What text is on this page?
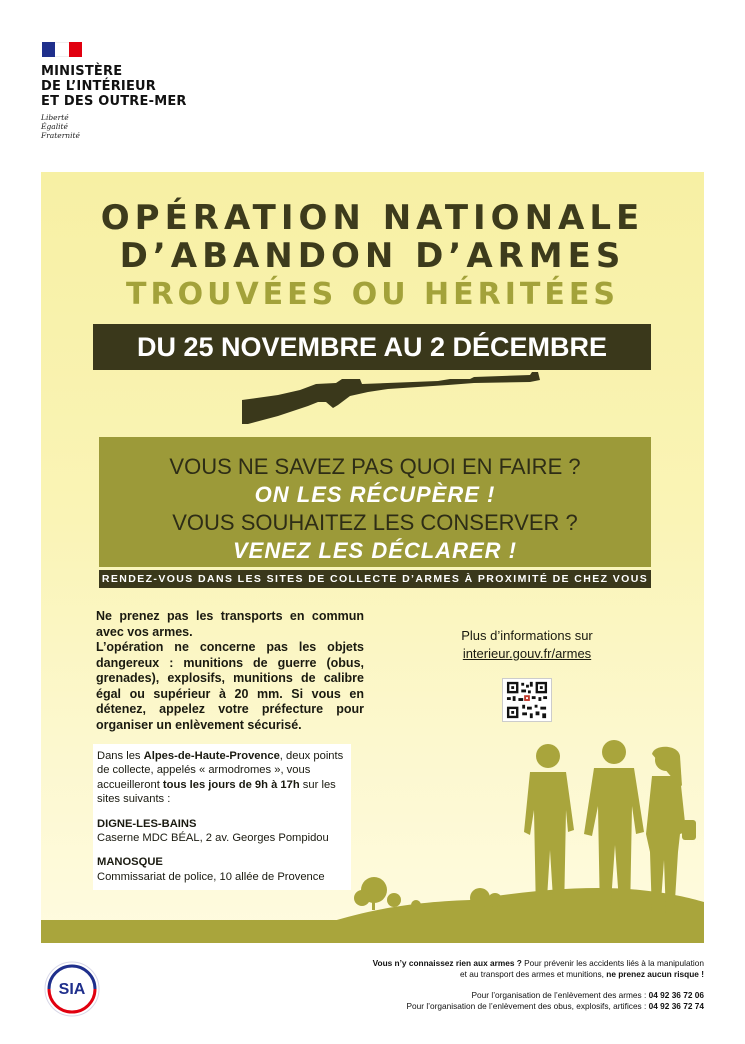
MINISTÈRE
DE L’INTÉRIEUR
ET DES OUTRE-MER
Liberté
Égalité
Fraternité
OPÉRATION NATIONALE
D’ABANDON D’ARMES
TROUVÉES OU HÉRITÉES
DU 25 NOVEMBRE AU 2 DÉCEMBRE
VOUS NE SAVEZ PAS QUOI EN FAIRE ?
ON LES RÉCUPÈRE !
VOUS SOUHAITEZ LES CONSERVER ?
VENEZ LES DÉCLARER !
RENDEZ-VOUS DANS LES SITES DE COLLECTE D’ARMES À PROXIMITÉ DE CHEZ VOUS

Ne prenez pas les transports en commun avec vos armes.

L’opération ne concerne pas les objets dangereux : munitions de guerre (obus, grenades), explosifs, munitions de calibre égal ou supérieur à 20 mm. Si vous en détenez, appelez votre préfecture pour organiser un enlèvement sécurisé.

Dans les Alpes-de-Haute-Provence, deux points de collecte, appelés « armodromes », vous accueilleront tous les jours de 9h à 17h sur les sites suivants :
DIGNE-LES-BAINS
Caserne MDC BÉAL, 2 av. Georges Pompidou
MANOSQUE
Commissariat de police, 10 allée de Provence
Plus d’informations sur
interieur.gouv.fr/armes
SIA
Vous n’y connaissez rien aux armes ? Pour prévenir les accidents liés à la manipulation
et au transport des armes et munitions, ne prenez aucun risque !
Pour l’organisation de l’enlèvement des armes : 04 92 36 72 06
Pour l’organisation de l’enlèvement des obus, explosifs, artifices : 04 92 36 72 74
